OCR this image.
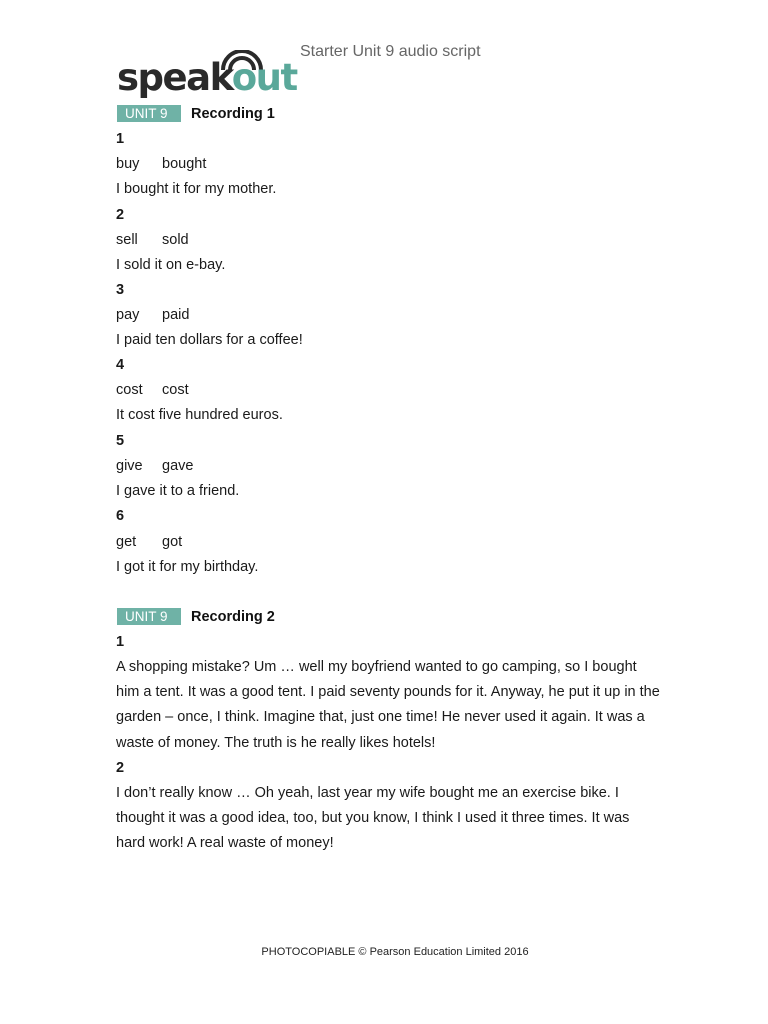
speakout
Starter Unit 9 audio script
UNIT 9	Recording 1
1
buy bought
I bought it for my mother.
2
sell sold
I sold it on e-bay.
3
pay paid
I paid ten dollars for a coffee!
4
cost cost
It cost five hundred euros.
5
give gave
I gave it to a friend.
6
get got
I got it for my birthday.
UNIT 9	Recording 2
1
A shopping mistake? Um … well my boyfriend wanted to go camping, so I bought him a tent. It was a good tent. I paid seventy pounds for it. Anyway, he put it up in the garden – once, I think. Imagine that, just one time! He never used it again. It was a waste of money. The truth is he really likes hotels!
2
I don’t really know … Oh yeah, last year my wife bought me an exercise bike. I thought it was a good idea, too, but you know, I think I used it three times. It was hard work! A real waste of money!
PHOTOCOPIABLE © Pearson Education Limited 2016
